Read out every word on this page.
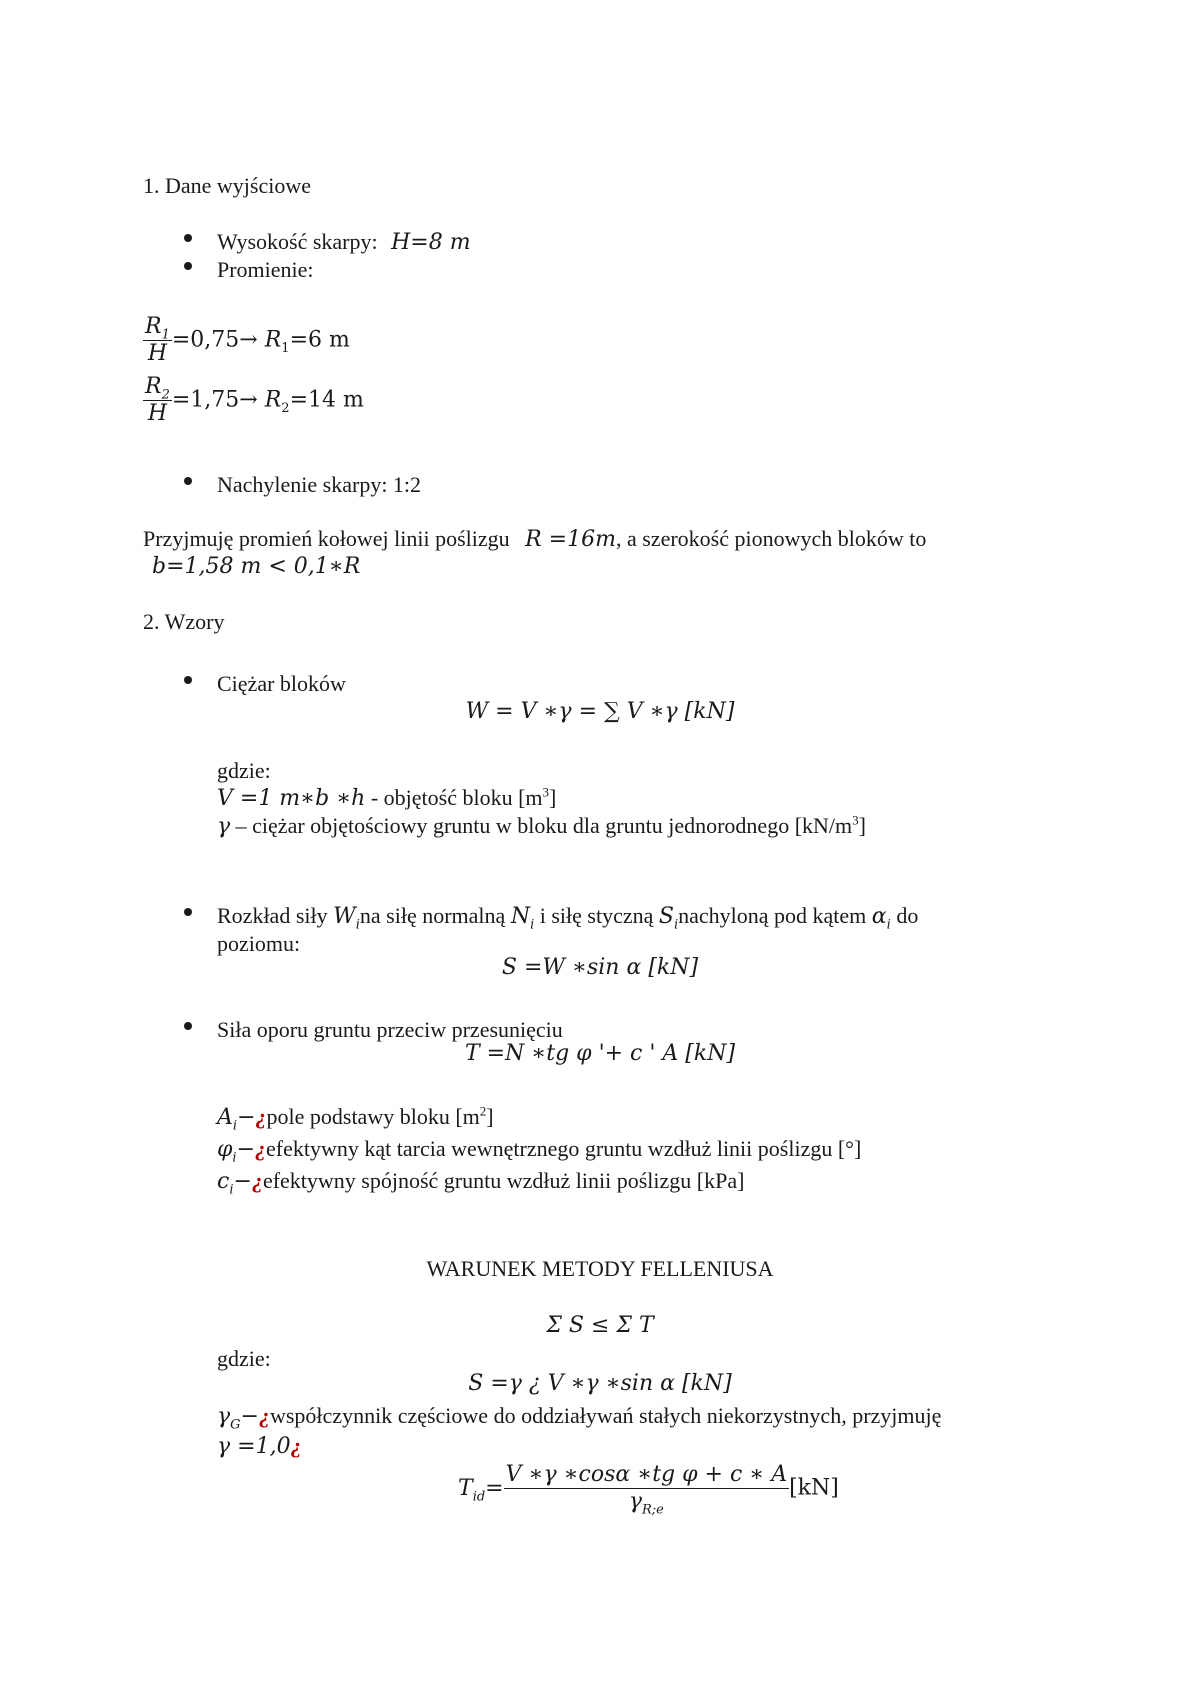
1. Dane wyjściowe
Wysokość skarpy: H=8 m
Promienie:
$\frac{R_1}{H} =0,75\to R_1=6$ m
$\frac{R_2}{H} =1,75\to R_2=14$ m
Nachylenie skarpy: 1:2
Przyjmuję promień kołowej linii poślizgu R =16m, a szerokość pionowych bloków to
b=1,58 m < 0,1∗R
2. Wzory
Ciężar bloków
W = V ∗γ = ∑ V ∗γ [kN]
gdzie:
V =1 m∗b ∗h - objętość bloku $[m^3]$
γ – ciężar objętościowy gruntu w bloku dla gruntu jednorodnego $[kN/m^3]$
Rozkład siły $W_ina$ siłę normalną $N_i$ i siłę styczną $S_inachyloną$ pod kątem $\alpha_i$ do
poziomu:
S =W ∗sin α [kN]
Siła oporu gruntu przeciw przesunięciu
T =N ∗tg φ '+ c ' A [kN]
$A_i-¿pole$ podstawy bloku $[m^2]$
$\varphi_i-¿efektywny$ kąt tarcia wewnętrznego gruntu wzdłuż linii poślizgu [°]
$c_i-¿efektywny$ spójność gruntu wzdłuż linii poślizgu [kPa]
WARUNEK METODY FELLENIUSA
Σ S ≤ Σ T
gdzie:
S =γ ¿ V ∗γ ∗sin α [kN]
$\gamma_G-¿współczynnik$ częściowe do oddziaływań stałych niekorzystnych, przyjmuję
γ =1,0¿
$T_{id}= \frac{\text{V ∗γ ∗cosα ∗tg φ + c ∗ A}}{\gamma_{R;e}} [kN]$
